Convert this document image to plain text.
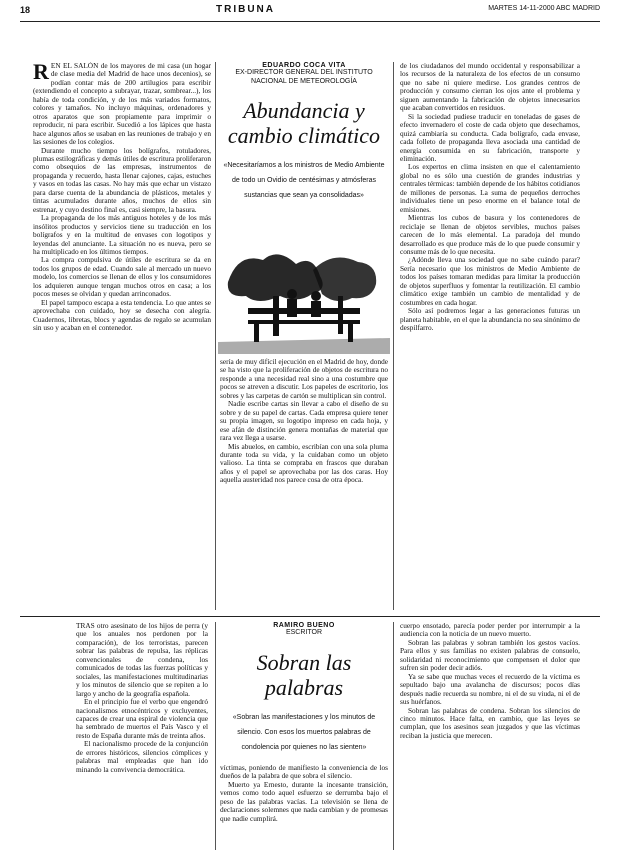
18	TRIBUNA	MARTES 14-11-2000 ABC MADRID

REN EL SALÓN de los mayores de mi casa (un hogar de clase media del Madrid de hace unos decenios), se podían contar más de 200 artilugios para escribir (extendiendo el concepto a subrayar, trazar, sombrear...), los había de toda condición, y de los más variados formatos, colores y tamaños. No incluyo máquinas, ordenadores y otros aparatos que son propiamente para imprimir o reproducir, ni para escribir. Sucedió a los lápices que hasta hace algunos años se usaban en las reuniones de trabajo y en las sesiones de los colegios.

Durante mucho tiempo los bolígrafos, rotuladores, plumas estilográficas y demás útiles de escritura proliferaron como obsequios de las empresas, instrumentos de propaganda y recuerdo, hasta llenar cajones, cajas, estuches y vasos en todas las casas. No hay más que echar un vistazo para darse cuenta de la abundancia de plásticos, metales y tintas acumulados durante años, muchos de ellos sin estrenar, y cuyo destino final es, casi siempre, la basura.

La propaganda de los más antiguos hoteles y de los más insólitos productos y servicios tiene su traducción en los bolígrafos y en la multitud de envases con logotipos y leyendas del anunciante. La situación no es nueva, pero se ha multiplicado en los últimos tiempos.

La compra compulsiva de útiles de escritura se da en todos los grupos de edad. Cuando sale al mercado un nuevo modelo, los comercios se llenan de ellos y los consumidores los adquieren aunque tengan muchos otros en casa; a los pocos meses se olvidan y quedan arrinconados.

El papel tampoco escapa a esta tendencia. Lo que antes se aprovechaba con cuidado, hoy se desecha con alegría. Cuadernos, libretas, blocs y agendas de regalo se acumulan sin uso y acaban en el contenedor.

EDUARDO COCA VITA
EX-DIRECTOR GENERAL DEL INSTITUTO NACIONAL DE METEOROLOGÍA
Abundancia y cambio climático
«Necesitaríamos a los ministros de Medio Ambiente de todo un Ovidio de centésimas y atmósferas sustancias que sean ya consolidadas»

sería de muy difícil ejecución en el Madrid de hoy, donde se ha visto que la proliferación de objetos de escritura no responde a una necesidad real sino a una costumbre que pocos se atreven a discutir. Los papeles de escritorio, los sobres y las carpetas de cartón se multiplican sin control.

Nadie escribe cartas sin llevar a cabo el diseño de su sobre y de su papel de cartas. Cada empresa quiere tener su propia imagen, su logotipo impreso en cada hoja, y ese afán de distinción genera montañas de material que rara vez llega a usarse.

Mis abuelos, en cambio, escribían con una sola pluma durante toda su vida, y la cuidaban como un objeto valioso. La tinta se compraba en frascos que duraban años y el papel se aprovechaba por las dos caras. Hoy aquella austeridad nos parece cosa de otra época.

de los ciudadanos del mundo occidental y responsabilizar a los recursos de la naturaleza de los efectos de un consumo que no sabe ni quiere medirse. Los grandes centros de producción y consumo cierran los ojos ante el problema y siguen aumentando la fabricación de objetos innecesarios que acaban convertidos en residuos.

Si la sociedad pudiese traducir en toneladas de gases de efecto invernadero el coste de cada objeto que desechamos, quizá cambiaría su conducta. Cada bolígrafo, cada envase, cada folleto de propaganda lleva asociada una cantidad de energía consumida en su fabricación, transporte y eliminación.

Los expertos en clima insisten en que el calentamiento global no es sólo una cuestión de grandes industrias y centrales térmicas: también depende de los hábitos cotidianos de millones de personas. La suma de pequeños derroches individuales tiene un peso enorme en el balance total de emisiones.

Mientras los cubos de basura y los contenedores de reciclaje se llenan de objetos servibles, muchos países carecen de lo más elemental. La paradoja del mundo desarrollado es que produce más de lo que puede consumir y consume más de lo que necesita.

¿Adónde lleva una sociedad que no sabe cuándo parar? Sería necesario que los ministros de Medio Ambiente de todos los países tomaran medidas para limitar la producción de objetos superfluos y fomentar la reutilización. El cambio climático exige también un cambio de mentalidad y de costumbres en cada hogar.

Sólo así podremos legar a las generaciones futuras un planeta habitable, en el que la abundancia no sea sinónimo de despilfarro.

TRAS otro asesinato de los hijos de perra (y que los anuales nos perdonen por la comparación), de los terroristas, parecen sobrar las palabras de repulsa, las réplicas convencionales de condena, los comunicados de todas las fuerzas políticas y sociales, las manifestaciones multitudinarias y los minutos de silencio que se repiten a lo largo y ancho de la geografía española.

En el principio fue el verbo que engendró nacionalismos etnocéntricos y excluyentes, capaces de crear una espiral de violencia que ha sembrado de muertos el País Vasco y el resto de España durante más de treinta años.

El nacionalismo procede de la conjunción de errores históricos, silencios cómplices y palabras mal empleadas que han ido minando la convivencia democrática.

RAMIRO BUENO
ESCRITOR
Sobran las palabras
«Sobran las manifestaciones y los minutos de silencio. Con esos los muertos palabras de condolencia por quienes no las sienten»

víctimas, poniendo de manifiesto la conveniencia de los dueños de la palabra de que sobra el silencio.

Muerto ya Ernesto, durante la incesante transición, vemos como todo aquel esfuerzo se derrumba bajo el peso de las palabras vacías. La televisión se llena de declaraciones solemnes que nada cambian y de promesas que nadie cumplirá.

cuerpo ensotado, parecía poder perder por interrumpir a la audiencia con la noticia de un nuevo muerto.

Sobran las palabras y sobran también los gestos vacíos. Para ellos y sus familias no existen palabras de consuelo, solidaridad ni reconocimiento que compensen el dolor que sufren sin poder decir adiós.

Ya se sabe que muchas veces el recuerdo de la víctima es sepultado bajo una avalancha de discursos; pocos días después nadie recuerda su nombre, ni el de su viuda, ni el de sus huérfanos.

Sobran las palabras de condena. Sobran los silencios de cinco minutos. Hace falta, en cambio, que las leyes se cumplan, que los asesinos sean juzgados y que las víctimas reciban la justicia que merecen.
